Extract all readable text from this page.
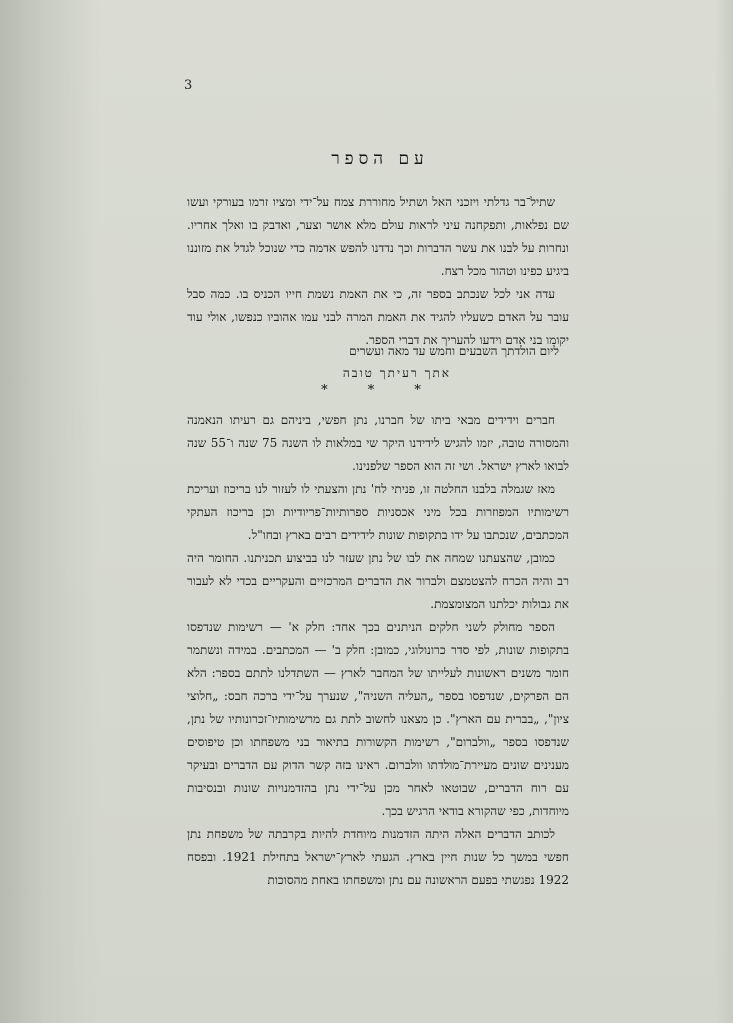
3
עם הספר

שתיל־בר גדלתי ויזכני האל ושתיל מחוררת צמח על־ידי ומציו זרמו בעורקי ועשו שם נפלאות, ותפקחנה עיני לראות עולם מלא אושר וצער, ואדבק בו ואלך אחריו. ונחרות על לבנו את עשר הדברות וכך נדדנו להפש אדמה כדי שנוכל לגדל את מזוננו ביגיע כפינו וטהור מכל רצח.

עדה אני לכל שנכתב בספר זה, כי את האמת נשמת חייו הכניס בו. כמה סבל עובר על האדם כשעליו להגיד את האמת המרה לבני עמו אהוביו כנפשו, אולי עוד יקומו בני אדם וידעו להעריך את דברי הספר.

ליום הולדתך השבעים וחמש עד מאה ועשרים
אתך רעיתך טובה
* * *

חברים וידידים מבאי ביתו של חברנו, נתן חפשי, ביניהם גם רעיתו הנאמנה והמסורה טובה, יזמו להגיש לידידנו היקר שי במלאות לו השנה 75 שנה ו־55 שנה לבואו לארץ ישראל. ושי זה הוא הספר שלפנינו.

מאז שגמלה בלבנו החלטה זו, פניתי לח' נתן והצעתי לו לעזור לנו בריכוז ועריכת רשימותיו המפוזרות בכל מיני אכסניות ספרותיות־פריודיות וכן בריכוז העתקי המכתבים, שנכתבו על ידו בתקופות שונות לידידים רבים בארץ ובחו"ל.

כמובן, שהצעתנו שמחה את לבו של נתן שעזר לנו בביצוע תכניתנו. החומר היה רב והיה הכרח להצטמצם ולברור את הדברים המרכזיים והעקריים בכדי לא לעבור את גבולות יכלתנו המצומצמת.

הספר מחולק לשני חלקים הניתנים בכך אחד: חלק א' — רשימות שנדפסו בתקופות שונות, לפי סדר כרונולוגי, כמובן: חלק ב' — המכתבים. במידה ונשתמר חומר משנים ראשונות לעלייתו של המחבר לארץ — השתדלנו לתתם בספר: הלא הם הפרקים, שנדפסו בספר „העליה השניה", שנערך על־ידי ברכה חבס: „חלוצי ציון", „בברית עם הארץ". כן מצאנו לחשוב לתת גם מרשימותיו־זכרונותיו של נתן, שנדפסו בספר „וולברום", רשימות הקשורות בתיאור בני משפחתו וכן טיפוסים מענינים שונים מעיירת־מולדתו וולברום. ראינו בזה קשר הדוק עם הדברים ובעיקר עם רוח הדברים, שבוטאו לאחר מכן על־ידי נתן בהזדמנויות שונות ובנסיבות מיוחדות, כפי שהקורא בודאי הרגיש בכך.

לכותב הדברים האלה היתה הזדמנות מיוחדת להיות בקרבתה של משפחת נתן חפשי במשך כל שנות חיין בארץ. הגעתי לארץ־ישראל בתחילת 1921. ובפסח 1922 נפגשתי בפעם הראשונה עם נתן ומשפחתו באחת מהסוכות
